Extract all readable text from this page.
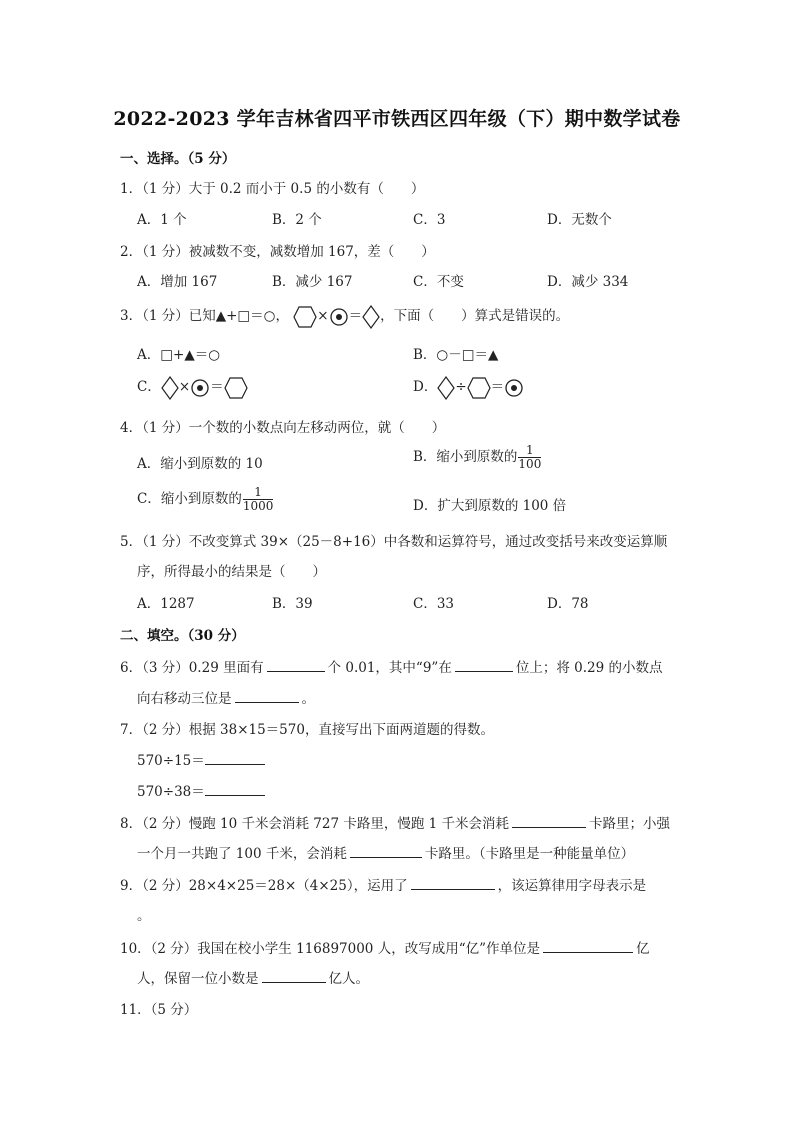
2022-2023 学年吉林省四平市铁西区四年级（下）期中数学试卷
一、选择。（5 分）
1．（1 分）大于 0.2 而小于 0.5 的小数有（　　）
A．1 个	B．2 个	C．3	D．无数个
2．（1 分）被减数不变，减数增加 167，差（　　）
A．增加 167	B．减少 167	C．不变	D．减少 334
3．（1 分）已知▲+□＝○， × ＝ ，下面（　　）算式是错误的。
A．□+▲＝○	B．○－□＝▲
C． × ＝	D． ÷ ＝
4．（1 分）一个数的小数点向左移动两位，就（　　）
A．缩小到原数的 10	B．缩小到原数的 $\frac{1}{100}$
C．缩小到原数的 $\frac{1}{1000}$	D．扩大到原数的 100 倍
5．（1 分）不改变算式 39×（25－8+16）中各数和运算符号，通过改变括号来改变运算顺
序，所得最小的结果是（　　）
A．1287	B．39	C．33	D．78
二、填空。（30 分）
6．（3 分）0.29 里面有	个 0.01，其中“9”在	位上；将 0.29 的小数点
向右移动三位是	。
7．（2 分）根据 38×15＝570，直接写出下面两道题的得数。
570÷15＝
570÷38＝
8．（2 分）慢跑 10 千米会消耗 727 卡路里，慢跑 1 千米会消耗	卡路里；小强
一个月一共跑了 100 千米，会消耗	卡路里。（卡路里是一种能量单位）
9．（2 分）28×4×25＝28×（4×25），运用了	，该运算律用字母表示是
。
10．（2 分）我国在校小学生 116897000 人，改写成用“亿”作单位是	亿
人，保留一位小数是	亿人。
11．（5 分）
